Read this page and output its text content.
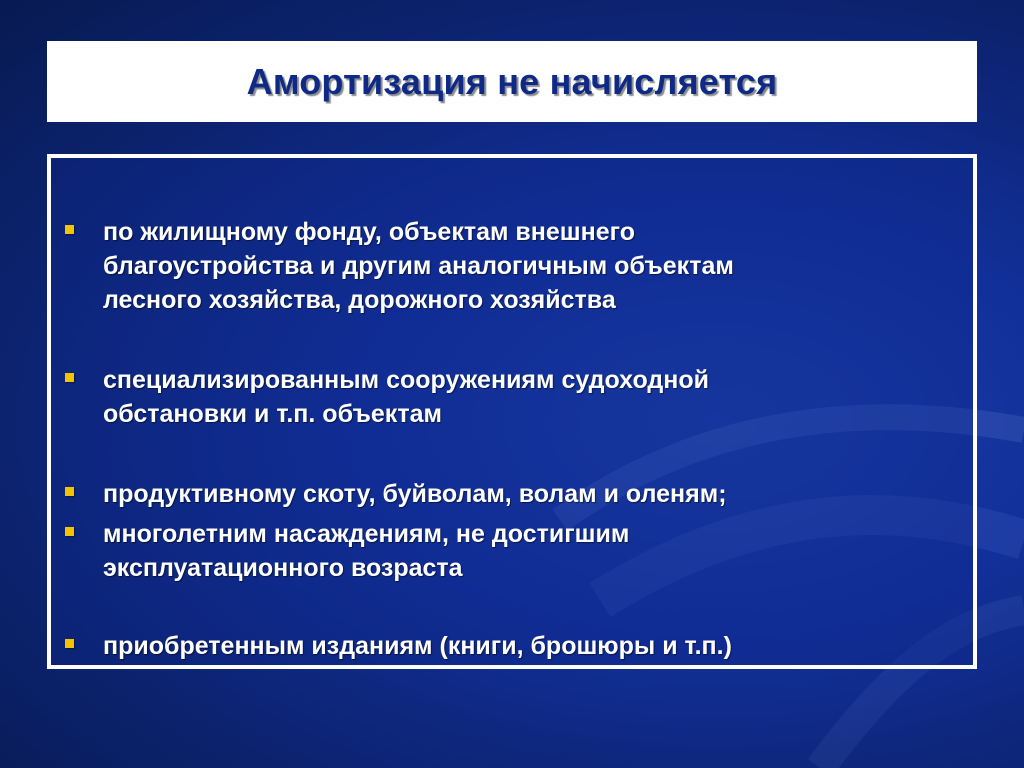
Амортизация не начисляется
по жилищному фонду, объектам внешнего
благоустройства и другим аналогичным объектам
лесного хозяйства, дорожного хозяйства
специализированным сооружениям судоходной
обстановки и т.п. объектам
продуктивному скоту, буйволам, волам и оленям;
многолетним насаждениям, не достигшим
эксплуатационного возраста
приобретенным изданиям (книги, брошюры и т.п.)
